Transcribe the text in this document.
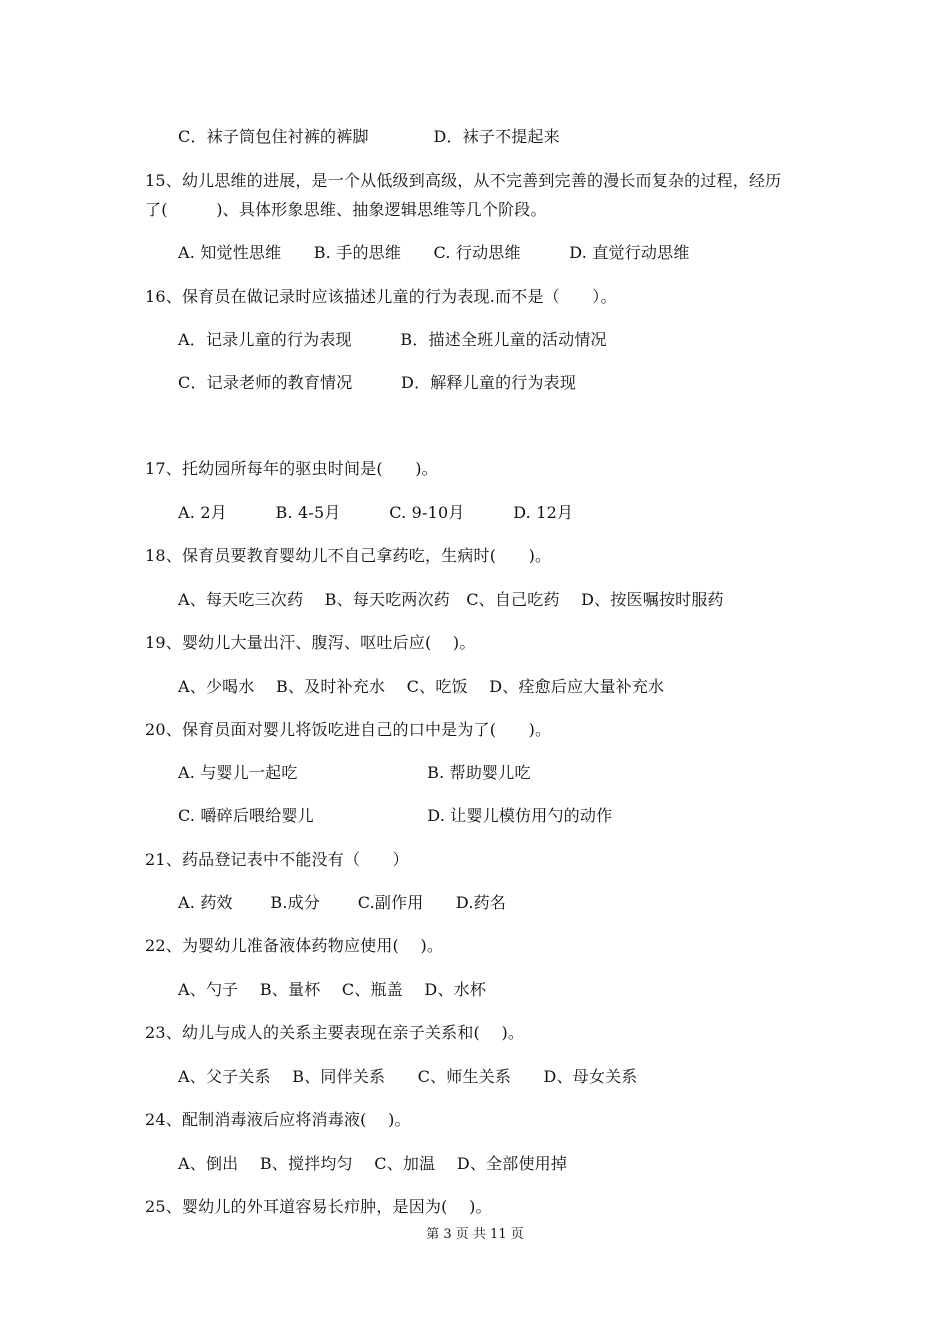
C．袜子筒包住衬裤的裤脚　　　　D．袜子不提起来
15、幼儿思维的进展，是一个从低级到高级，从不完善到完善的漫长而复杂的过程，经历
了(　　　)、具体形象思维、抽象逻辑思维等几个阶段。
A. 知觉性思维　　B. 手的思维　　C. 行动思维　　　D. 直觉行动思维
16、保育员在做记录时应该描述儿童的行为表现.而不是（　　）。
A．记录儿童的行为表现　　　B．描述全班儿童的活动情况
C．记录老师的教育情况　　　D．解释儿童的行为表现
17、托幼园所每年的驱虫时间是(　　)。
A. 2月　　　B. 4-5月　　　C. 9-10月　　　D. 12月
18、保育员要教育婴幼儿不自己拿药吃，生病时(　　)。
A、每天吃三次药　 B、每天吃两次药　C、自己吃药　 D、按医嘱按时服药
19、婴幼儿大量出汗、腹泻、呕吐后应(　 )。
A、少喝水　 B、及时补充水　 C、吃饭　 D、痊愈后应大量补充水
20、保育员面对婴儿将饭吃进自己的口中是为了(　　)。
A. 与婴儿一起吃　　　　　　　　B. 帮助婴儿吃
C. 嚼碎后喂给婴儿　　　　　　　D. 让婴儿模仿用勺的动作
21、药品登记表中不能没有（　　）
A. 药效　　 B.成分　　 C.副作用　　D.药名
22、为婴幼儿准备液体药物应使用(　 )。
A、勺子　 B、量杯　 C、瓶盖　 D、水杯
23、幼儿与成人的关系主要表现在亲子关系和(　 )。
A、父子关系　 B、同伴关系　　C、师生关系　　D、母女关系
24、配制消毒液后应将消毒液(　 )。
A、倒出　 B、搅拌均匀　 C、加温　 D、全部使用掉
25、婴幼儿的外耳道容易长疖肿，是因为(　 )。
第 3 页 共 11 页
